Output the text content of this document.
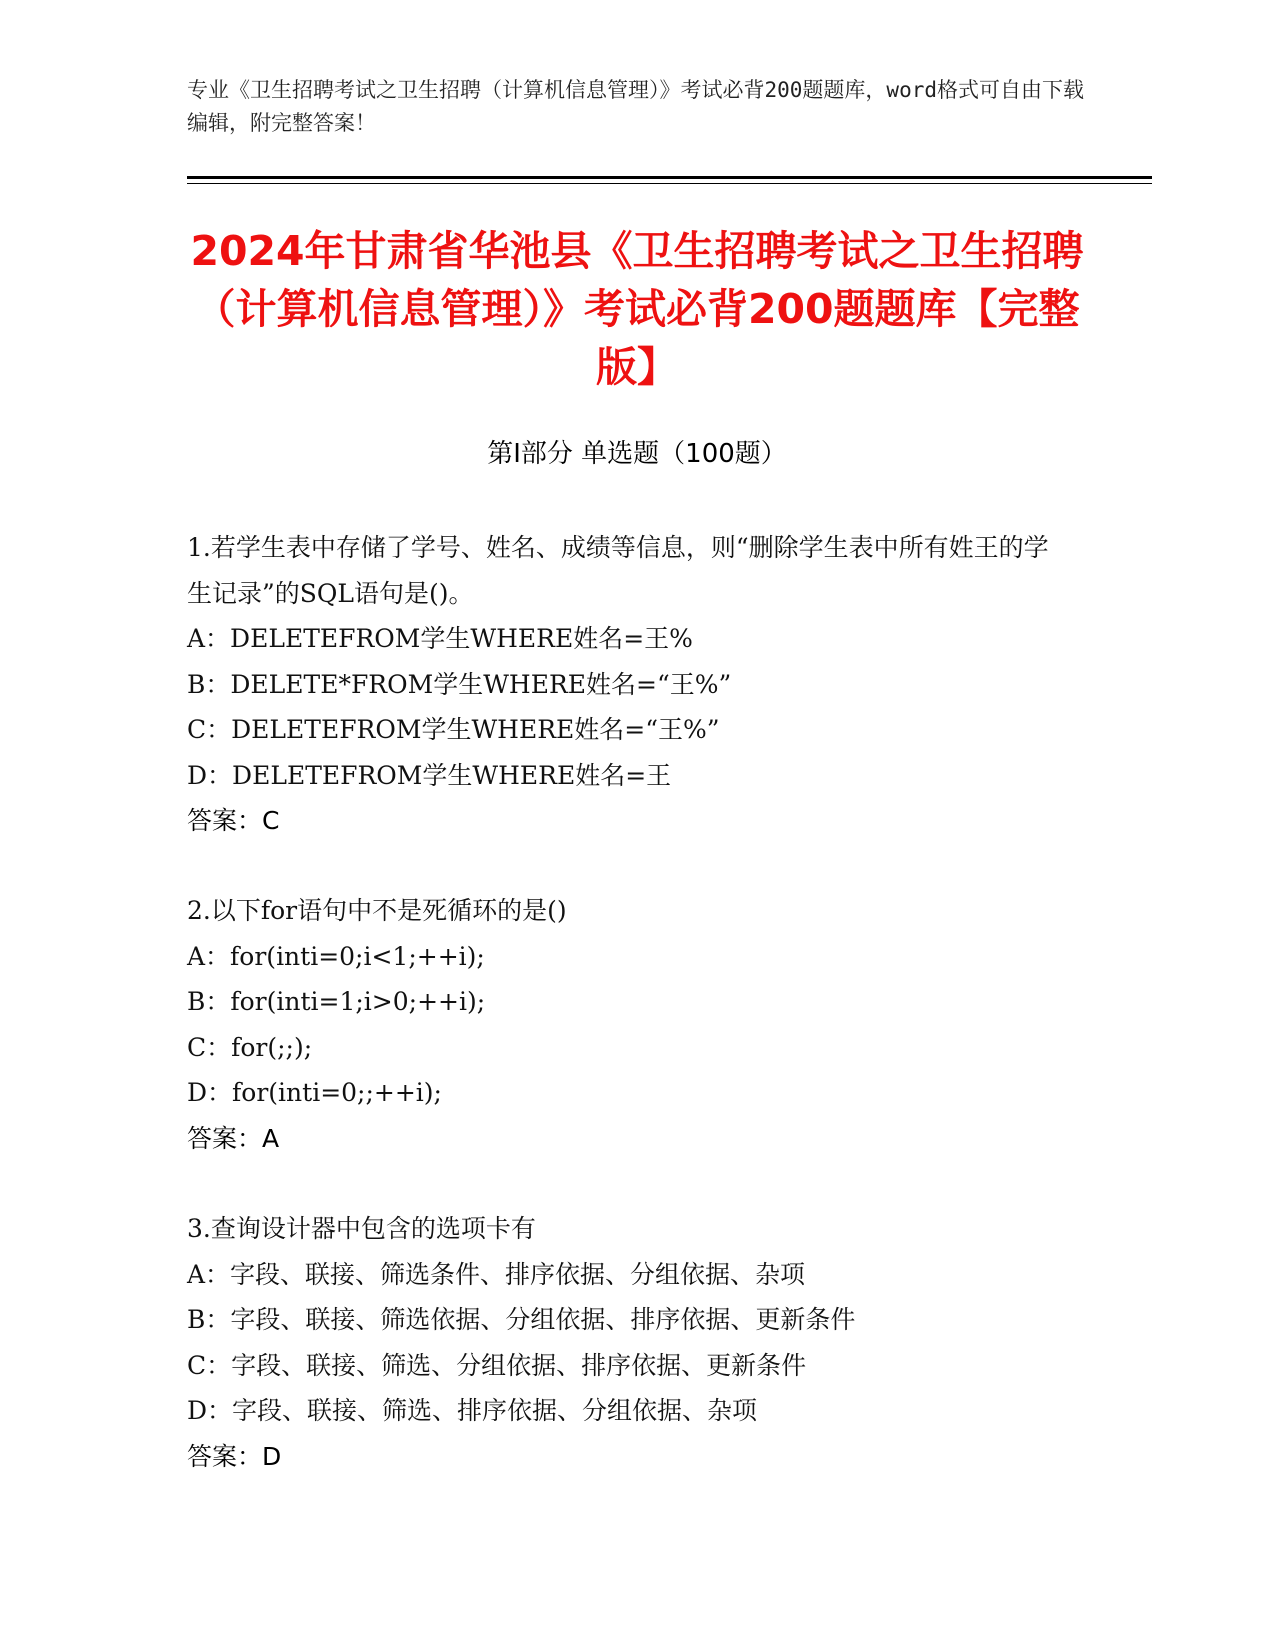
专业《卫生招聘考试之卫生招聘（计算机信息管理）》考试必背200题题库，word格式可自由下载编辑，附完整答案！
2024年甘肃省华池县《卫生招聘考试之卫生招聘（计算机信息管理）》考试必背200题题库【完整版】
第Ⅰ部分 单选题（100题）
1.若学生表中存储了学号、姓名、成绩等信息，则“删除学生表中所有姓王的学生记录”的SQL语句是()。
A：DELETEFROM学生WHERE姓名=王%
B：DELETE*FROM学生WHERE姓名=“王%”
C：DELETEFROM学生WHERE姓名=“王%”
D：DELETEFROM学生WHERE姓名=王
答案：C
2.以下for语句中不是死循环的是()
A：for(inti=0;i<1;++i);
B：for(inti=1;i>0;++i);
C：for(;;);
D：for(inti=0;;++i);
答案：A
3.查询设计器中包含的选项卡有
A：字段、联接、筛选条件、排序依据、分组依据、杂项
B：字段、联接、筛选依据、分组依据、排序依据、更新条件
C：字段、联接、筛选、分组依据、排序依据、更新条件
D：字段、联接、筛选、排序依据、分组依据、杂项
答案：D
